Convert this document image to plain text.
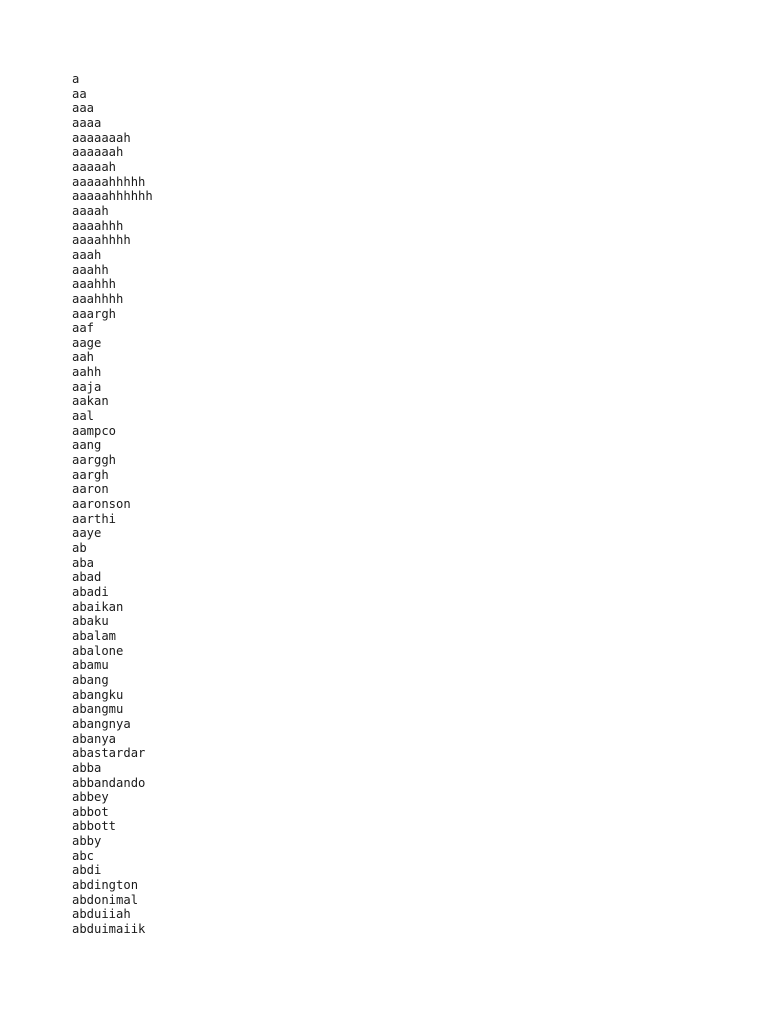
a
aa
aaa
aaaa
aaaaaaah
aaaaaah
aaaaah
aaaaahhhhh
aaaaahhhhhh
aaaah
aaaahhh
aaaahhhh
aaah
aaahh
aaahhh
aaahhhh
aaargh
aaf
aage
aah
aahh
aaja
aakan
aal
aampco
aang
aarggh
aargh
aaron
aaronson
aarthi
aaye
ab
aba
abad
abadi
abaikan
abaku
abalam
abalone
abamu
abang
abangku
abangmu
abangnya
abanya
abastardar
abba
abbandando
abbey
abbot
abbott
abby
abc
abdi
abdington
abdonimal
abduiiah
abduimaiik
